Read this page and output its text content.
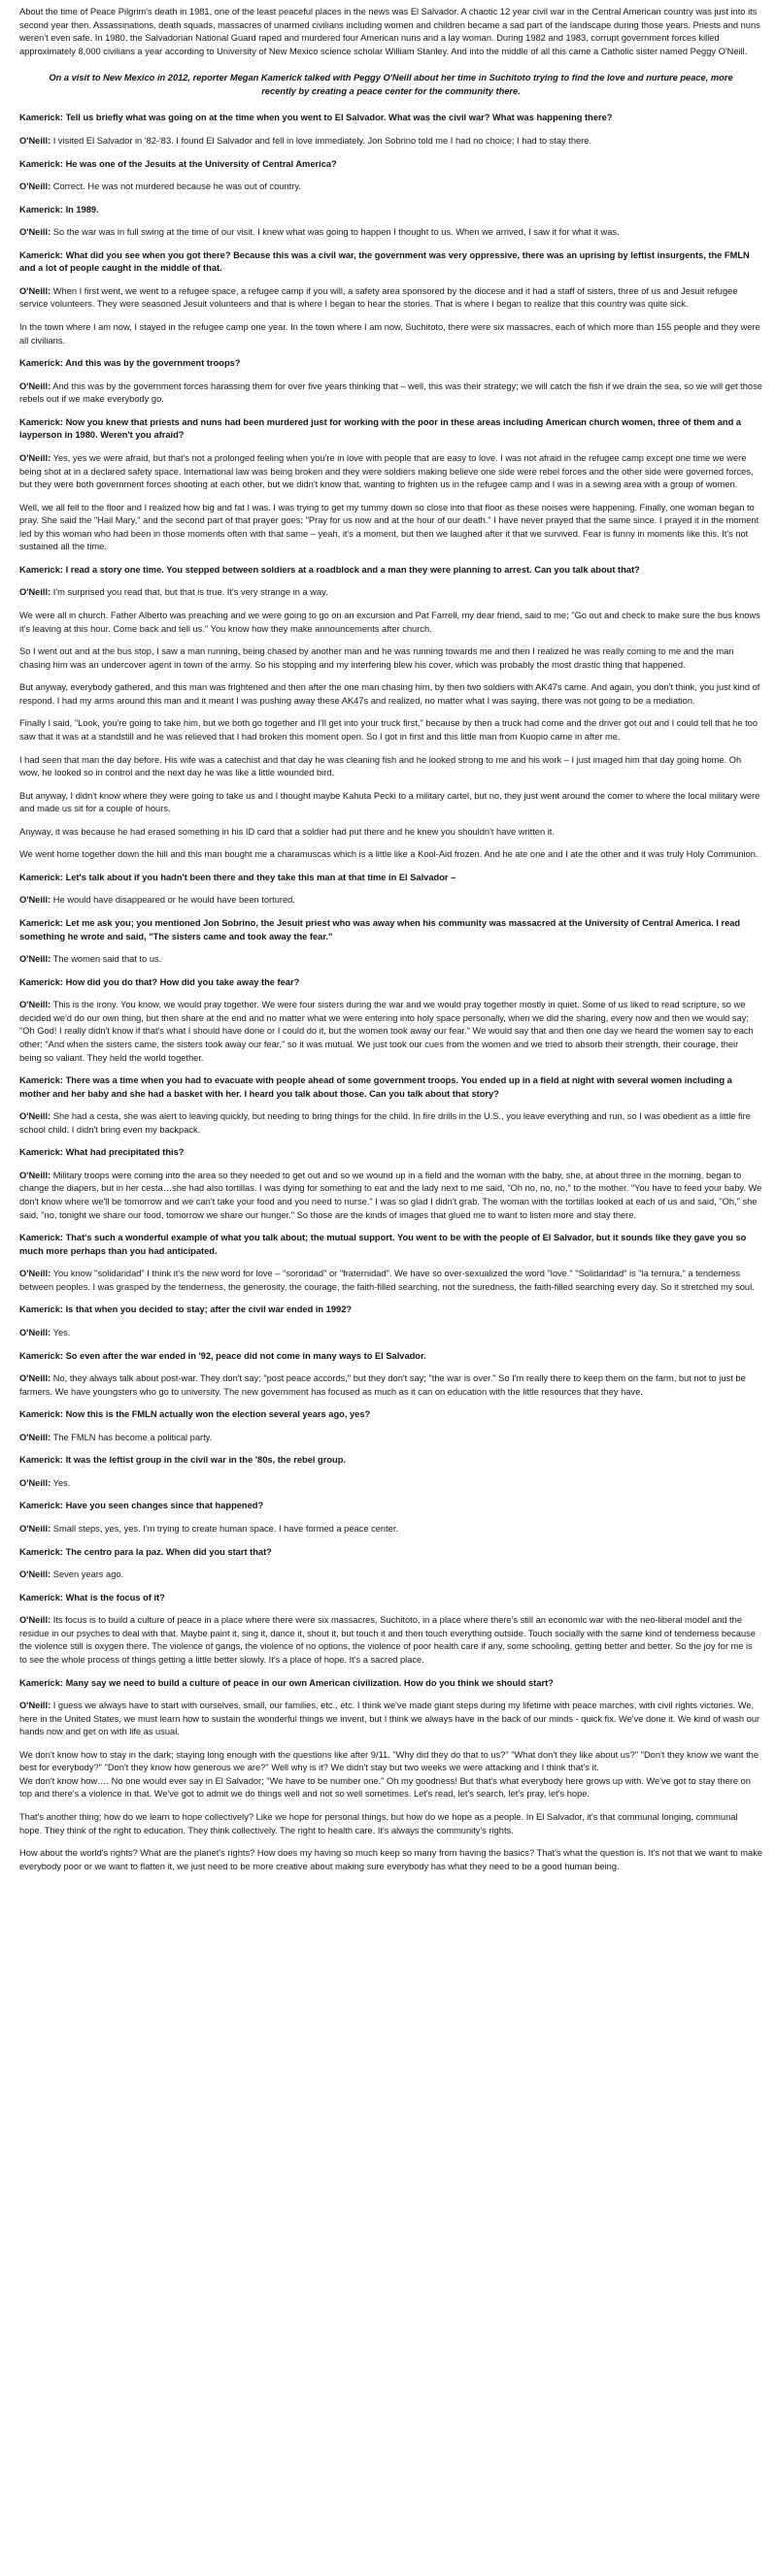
About the time of Peace Pilgrim's death in 1981, one of the least peaceful places in the news was El Salvador. A chaotic 12 year civil war in the Central American country was just into its second year then. Assassinations, death squads, massacres of unarmed civilians including women and children became a sad part of the landscape during those years. Priests and nuns weren't even safe. In 1980, the Salvadorian National Guard raped and murdered four American nuns and a lay woman. During 1982 and 1983, corrupt government forces killed approximately 8,000 civilians a year according to University of New Mexico science scholar William Stanley. And into the middle of all this came a Catholic sister named Peggy O'Neill.

On a visit to New Mexico in 2012, reporter Megan Kamerick talked with Peggy O'Neill about her time in Suchitoto trying to find the love and nurture peace, more recently by creating a peace center for the community there.

Kamerick: Tell us briefly what was going on at the time when you went to El Salvador. What was the civil war? What was happening there?

O'Neill: I visited El Salvador in '82-'83. I found El Salvador and fell in love immediately. Jon Sobrino told me I had no choice; I had to stay there.

Kamerick: He was one of the Jesuits at the University of Central America?

O'Neill: Correct. He was not murdered because he was out of country.

Kamerick: In 1989.

O'Neill: So the war was in full swing at the time of our visit. I knew what was going to happen I thought to us. When we arrived, I saw it for what it was.

Kamerick: What did you see when you got there? Because this was a civil war, the government was very oppressive, there was an uprising by leftist insurgents, the FMLN and a lot of people caught in the middle of that.

O'Neill: When I first went, we went to a refugee space, a refugee camp if you will, a safety area sponsored by the diocese and it had a staff of sisters, three of us and Jesuit refugee service volunteers. They were seasoned Jesuit volunteers and that is where I began to hear the stories. That is where I began to realize that this country was quite sick.

In the town where I am now, I stayed in the refugee camp one year. In the town where I am now, Suchitoto, there were six massacres, each of which more than 155 people and they were all civilians.

Kamerick: And this was by the government troops?

O'Neill: And this was by the government forces harassing them for over five years thinking that – well, this was their strategy; we will catch the fish if we drain the sea, so we will get those rebels out if we make everybody go.

Kamerick: Now you knew that priests and nuns had been murdered just for working with the poor in these areas including American church women, three of them and a layperson in 1980. Weren't you afraid?

O'Neill: Yes, yes we were afraid, but that's not a prolonged feeling when you're in love with people that are easy to love. I was not afraid in the refugee camp except one time we were being shot at in a declared safety space. International law was being broken and they were soldiers making believe one side were rebel forces and the other side were governed forces, but they were both government forces shooting at each other, but we didn't know that, wanting to frighten us in the refugee camp and I was in a sewing area with a group of women.

Well, we all fell to the floor and I realized how big and fat I was. I was trying to get my tummy down so close into that floor as these noises were happening. Finally, one woman began to pray. She said the "Hail Mary," and the second part of that prayer goes; "Pray for us now and at the hour of our death." I have never prayed that the same since. I prayed it in the moment led by this woman who had been in those moments often with that same – yeah, it's a moment, but then we laughed after it that we survived. Fear is funny in moments like this. It's not sustained all the time.

Kamerick: I read a story one time. You stepped between soldiers at a roadblock and a man they were planning to arrest. Can you talk about that?

O'Neill: I'm surprised you read that, but that is true. It's very strange in a way.

We were all in church. Father Alberto was preaching and we were going to go on an excursion and Pat Farrell, my dear friend, said to me; "Go out and check to make sure the bus knows it's leaving at this hour. Come back and tell us." You know how they make announcements after church.

So I went out and at the bus stop, I saw a man running, being chased by another man and he was running towards me and then I realized he was really coming to me and the man chasing him was an undercover agent in town of the army. So his stopping and my interfering blew his cover, which was probably the most drastic thing that happened.

But anyway, everybody gathered, and this man was frightened and then after the one man chasing him, by then two soldiers with AK47s came. And again, you don't think, you just kind of respond. I had my arms around this man and it meant I was pushing away these AK47s and realized, no matter what I was saying, there was not going to be a mediation.

Finally I said, "Look, you're going to take him, but we both go together and I'll get into your truck first," because by then a truck had come and the driver got out and I could tell that he too saw that it was at a standstill and he was relieved that I had broken this moment open. So I got in first and this little man from Kuopio came in after me.

I had seen that man the day before. His wife was a catechist and that day he was cleaning fish and he looked strong to me and his work – I just imaged him that day going home. Oh wow, he looked so in control and the next day he was like a little wounded bird.

But anyway, I didn't know where they were going to take us and I thought maybe Kahuta Pecki to a military cartel, but no, they just went around the corner to where the local military were and made us sit for a couple of hours.

Anyway, it was because he had erased something in his ID card that a soldier had put there and he knew you shouldn't have written it.

We went home together down the hill and this man bought me a charamuscas which is a little like a Kool-Aid frozen. And he ate one and I ate the other and it was truly Holy Communion.

Kamerick: Let's talk about if you hadn't been there and they take this man at that time in El Salvador –

O'Neill: He would have disappeared or he would have been tortured.

Kamerick: Let me ask you; you mentioned Jon Sobrino, the Jesuit priest who was away when his community was massacred at the University of Central America. I read something he wrote and said, "The sisters came and took away the fear."

O'Neill: The women said that to us.

Kamerick: How did you do that? How did you take away the fear?

O'Neill: This is the irony. You know, we would pray together. We were four sisters during the war and we would pray together mostly in quiet. Some of us liked to read scripture, so we decided we'd do our own thing, but then share at the end and no matter what we were entering into holy space personally, when we did the sharing, every now and then we would say; "Oh God! I really didn't know if that's what I should have done or I could do it, but the women took away our fear." We would say that and then one day we heard the women say to each other; "And when the sisters came, the sisters took away our fear," so it was mutual. We just took our cues from the women and we tried to absorb their strength, their courage, their being so valiant. They held the world together.

Kamerick: There was a time when you had to evacuate with people ahead of some government troops. You ended up in a field at night with several women including a mother and her baby and she had a basket with her. I heard you talk about those. Can you talk about that story?

O'Neill: She had a cesta, she was alert to leaving quickly, but needing to bring things for the child. In fire drills in the U.S., you leave everything and run, so I was obedient as a little fire school child. I didn't bring even my backpack.

Kamerick: What had precipitated this?

O'Neill: Military troops were coming into the area so they needed to get out and so we wound up in a field and the woman with the baby, she, at about three in the morning, began to change the diapers, but in her cesta…she had also tortillas. I was dying for something to eat and the lady next to me said, "Oh no, no, no," to the mother. "You have to feed your baby. We don't know where we'll be tomorrow and we can't take your food and you need to nurse." I was so glad I didn't grab. The woman with the tortillas looked at each of us and said, "Oh," she said, "no, tonight we share our food, tomorrow we share our hunger." So those are the kinds of images that glued me to want to listen more and stay there.

Kamerick: That's such a wonderful example of what you talk about; the mutual support. You went to be with the people of El Salvador, but it sounds like they gave you so much more perhaps than you had anticipated.

O'Neill: You know "solidaridad" I think it's the new word for love – "sororidad" or "fraternidad". We have so over-sexualized the word "love." "Solidaridad" is "la ternura," a tenderness between peoples. I was grasped by the tenderness, the generosity, the courage, the faith-filled searching, not the suredness, the faith-filled searching every day. So it stretched my soul.

Kamerick: Is that when you decided to stay; after the civil war ended in 1992?

O'Neill: Yes.

Kamerick: So even after the war ended in '92, peace did not come in many ways to El Salvador.

O'Neill: No, they always talk about post-war. They don't say; "post peace accords," but they don't say; "the war is over." So I'm really there to keep them on the farm, but not to just be farmers. We have youngsters who go to university. The new government has focused as much as it can on education with the little resources that they have.

Kamerick: Now this is the FMLN actually won the election several years ago, yes?

O'Neill: The FMLN has become a political party.

Kamerick: It was the leftist group in the civil war in the '80s, the rebel group.

O'Neill: Yes.

Kamerick: Have you seen changes since that happened?

O'Neill: Small steps, yes, yes. I'm trying to create human space. I have formed a peace center.

Kamerick: The centro para la paz. When did you start that?

O'Neill: Seven years ago.

Kamerick: What is the focus of it?

O'Neill: Its focus is to build a culture of peace in a place where there were six massacres, Suchitoto, in a place where there's still an economic war with the neo-liberal model and the residue in our psyches to deal with that. Maybe paint it, sing it, dance it, shout it, but touch it and then touch everything outside. Touch socially with the same kind of tenderness because the violence still is oxygen there. The violence of gangs, the violence of no options, the violence of poor health care if any, some schooling, getting better and better. So the joy for me is to see the whole process of things getting a little better slowly. It's a place of hope. It's a sacred place.

Kamerick: Many say we need to build a culture of peace in our own American civilization. How do you think we should start?

O'Neill: I guess we always have to start with ourselves, small, our families, etc., etc. I think we've made giant steps during my lifetime with peace marches, with civil rights victories. We, here in the United States, we must learn how to sustain the wonderful things we invent, but I think we always have in the back of our minds - quick fix. We've done it. We kind of wash our hands now and get on with life as usual.

We don't know how to stay in the dark; staying long enough with the questions like after 9/11. "Why did they do that to us?" "What don't they like about us?" "Don't they know we want the best for everybody?" "Don't they know how generous we are?" Well why is it? We didn't stay but two weeks we were attacking and I think that's it.

We don't know how…. No one would ever say in El Salvador; "We have to be number one." Oh my goodness! But that's what everybody here grows up with. We've got to stay there on top and there's a violence in that. We've got to admit we do things well and not so well sometimes. Let's read, let's search, let's pray, let's hope.

That's another thing; how do we learn to hope collectively? Like we hope for personal things, but how do we hope as a people. In El Salvador, it's that communal longing, communal hope. They think of the right to education. They think collectively. The right to health care. It's always the community's rights.

How about the world's rights? What are the planet's rights? How does my having so much keep so many from having the basics? That's what the question is. It's not that we want to make everybody poor or we want to flatten it, we just need to be more creative about making sure everybody has what they need to be a good human being.
